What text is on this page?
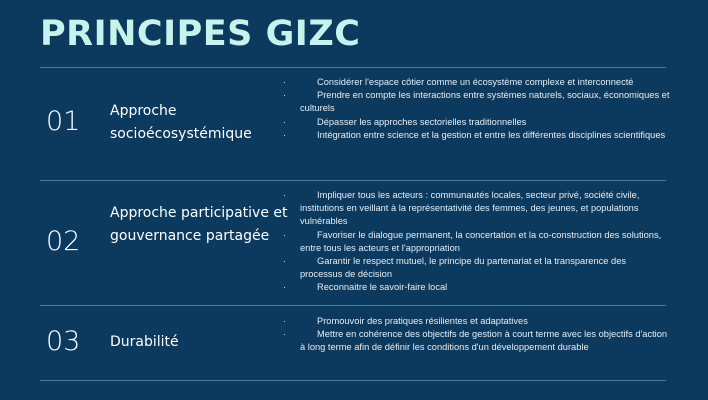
PRINCIPES GIZC
01 Approche socioécosystémique
·	Considérer l'espace côtier comme un écosystème complexe et interconnecté
·	Prendre en compte les interactions entre systèmes naturels, sociaux, économiques et culturels
·	Dépasser les approches sectorielles traditionnelles
·	Intégration entre science et la gestion et entre les différentes disciplines scientifiques
02
Approche participative et gouvernance partagée
·	Impliquer tous les acteurs : communautés locales, secteur privé, société civile, institutions en veillant à la représentativité des femmes, des jeunes, et populations vulnérables
·	Favoriser le dialogue permanent, la concertation et la co-construction des solutions, entre tous les acteurs et l'appropriation
·	Garantir le respect mutuel, le principe du partenariat et la transparence des processus de décision
·	Reconnaitre le savoir-faire local
03 Durabilité
·	Promouvoir des pratiques résilientes et adaptatives
·	Mettre en cohérence des objectifs de gestion à court terme avec les objectifs d'action à long terme afin de définir les conditions d'un développement durable
